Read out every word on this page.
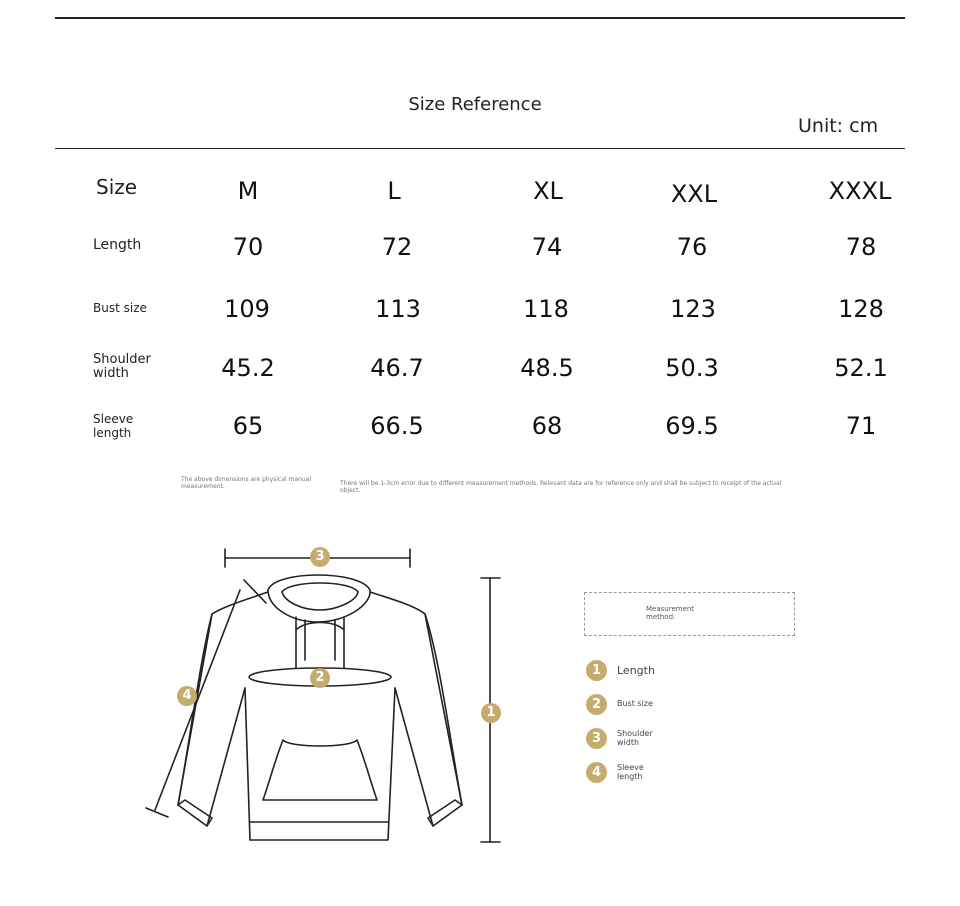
Size Reference
Unit: cm
Size	M	L	XL	XXL	XXXL
Length	70	72	74	76	78
Bust size	109	113	118	123	128
Shoulder width	45.2	46.7	48.5	50.3	52.1
Sleeve length	65	66.5	68	69.5	71
The above dimensions are physical manual measurement.	There will be 1-3cm error due to different measurement methods. Relevant data are for reference only and shall be subject to receipt of the actual object.
3
2
1
4
Measurement method:
1	Length
2	Bust size
3	Shoulder width
4	Sleeve length
